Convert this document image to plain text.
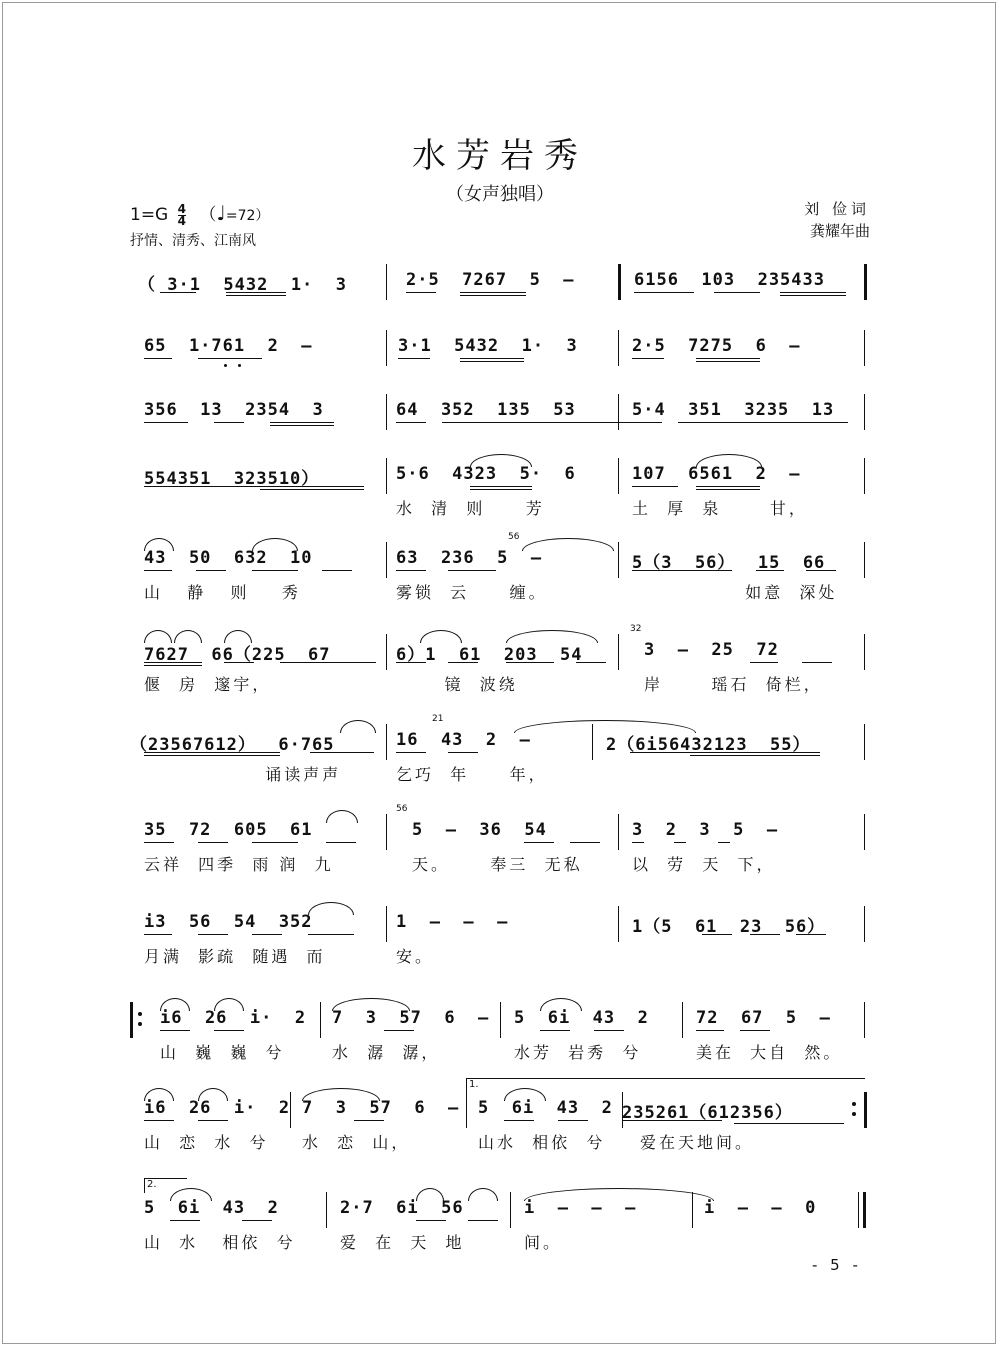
水芳岩秀
（女声独唱）
$1=G \frac{4}{4}$ （♩=72）
抒情、清秀、江南风
刘 俭词
龚耀年曲
（ 3·1  5432  1·  3	2·5  7267  5  —	6156  103  235433
65  1·761  2  —	3·1  5432  1·  3	2·5  7275  6  —
356  13  2354  3	64  352  135  53	5·4  351  3235  13
554351  323510）	5·6  4323  5·  6
水  清  则     芳
107  6561  2  —
土  厚  泉      甘，
43  50  632  10
山   静   则    秀
63  236  5  —
56
雾锁  云     缠。
5（3  56）  15  66
如意  深处
7627  66（225  67
偃  房  邃宇，
6）1  61  203  54
镜  波绕
32
3  —  25  72
岸      瑶石  倚栏，
（23567612）  6·765
诵读声声
21
16  43  2  —
乞巧  年     年，
2（6i56432123  55）
35  72  605  61
云祥  四季  雨 润  九
56
5  —  36  54
天。     奉三  无私
3  2  3  5  —
以  劳  天  下，
i3  56  54  352
月满  影疏  随遇  而
1  —  —  —
安。
1（5  61  23  56）
i6  26  i·  2
山  巍  巍  兮
7  3  57  6  —
水  潺  潺，
5  6i  43  2
水芳  岩秀  兮
72  67  5  —
美在  大自  然。
i6  26  i·  2
山  恋  水  兮
7  3  57  6  —
水  恋  山，
1.
5  6i  43  2
山水  相依  兮
235261（612356）
爱在天地间。
2.
5  6i  43  2
山  水   相依  兮
2·7  6i  56
爱  在  天  地
i  —  —  —
间。
i  —  —  0
- 5 -
